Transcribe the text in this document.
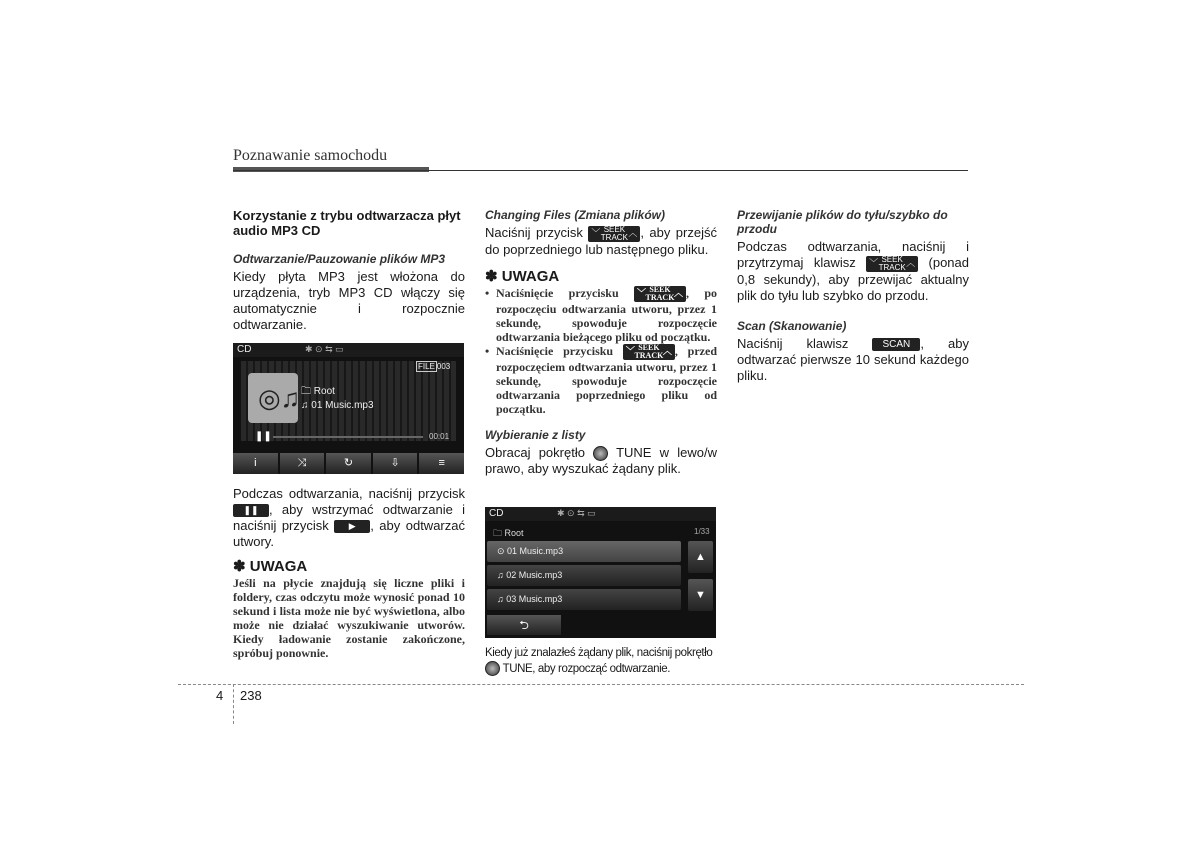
Poznawanie samochodu
Korzystanie z trybu odtwarzacza płyt audio MP3 CD
Odtwarzanie/Pauzowanie plików MP3
Kiedy płyta MP3 jest włożona do urządzenia, tryb MP3 CD włączy się automatycznie i rozpocznie odtwarzanie.
CD	✱ ⊙ ⇆ ▭
◎♫
FILE 003
🗀 Root
♫ 01 Music.mp3
❚❚	00:01
i	⤨	↻	⇩	≡
Podczas odtwarzania, naciśnij przycisk ❚❚ , aby wstrzymać odtwarzanie i naciśnij przycisk ▶ , aby odtwarzać utwory.
✽ UWAGA
Jeśli na płycie znajdują się liczne pliki i foldery, czas odczytu może wynosić ponad 10 sekund i lista może nie być wyświetlona, albo może nie działać wyszukiwanie utworów. Kiedy ładowanie zostanie zakończone, spróbuj ponownie.
Changing Files (Zmiana plików)
Naciśnij przycisk ﹀ SEEK
TRACK ︿ , aby przejść do poprzedniego lub następnego pliku.
✽ UWAGA
• Naciśnięcie przycisku ﹀ SEEK
TRACK ︿ , po rozpoczęciu odtwarzania utworu, przez 1 sekundę, spowoduje rozpoczęcie odtwarzania bieżącego pliku od początku.
• Naciśnięcie przycisku ﹀ SEEK
TRACK ︿ , przed rozpoczęciem odtwarzania utworu, przez 1 sekundę, spowoduje rozpoczęcie odtwarzania poprzedniego pliku od początku.
Wybieranie z listy
Obracaj pokrętło TUNE w lewo/w prawo, aby wyszukać żądany plik.
CD	✱ ⊙ ⇆ ▭
🗀 Root	1/33
⊙ 01 Music.mp3
♫ 02 Music.mp3
♫ 03 Music.mp3
▲
▼
⮌
Kiedy już znalazłeś żądany plik, naciśnij pokrętło
TUNE, aby rozpocząć odtwarzanie.
Przewijanie plików do tyłu/szybko do przodu
Podczas odtwarzania, naciśnij i przytrzymaj klawisz ﹀ SEEK
TRACK ︿ (ponad 0,8 sekundy), aby przewijać aktualny plik do tyłu lub szybko do przodu.
Scan (Skanowanie)
Naciśnij klawisz	SCAN , aby odtwarzać pierwsze 10 sekund każdego pliku.
4 238
